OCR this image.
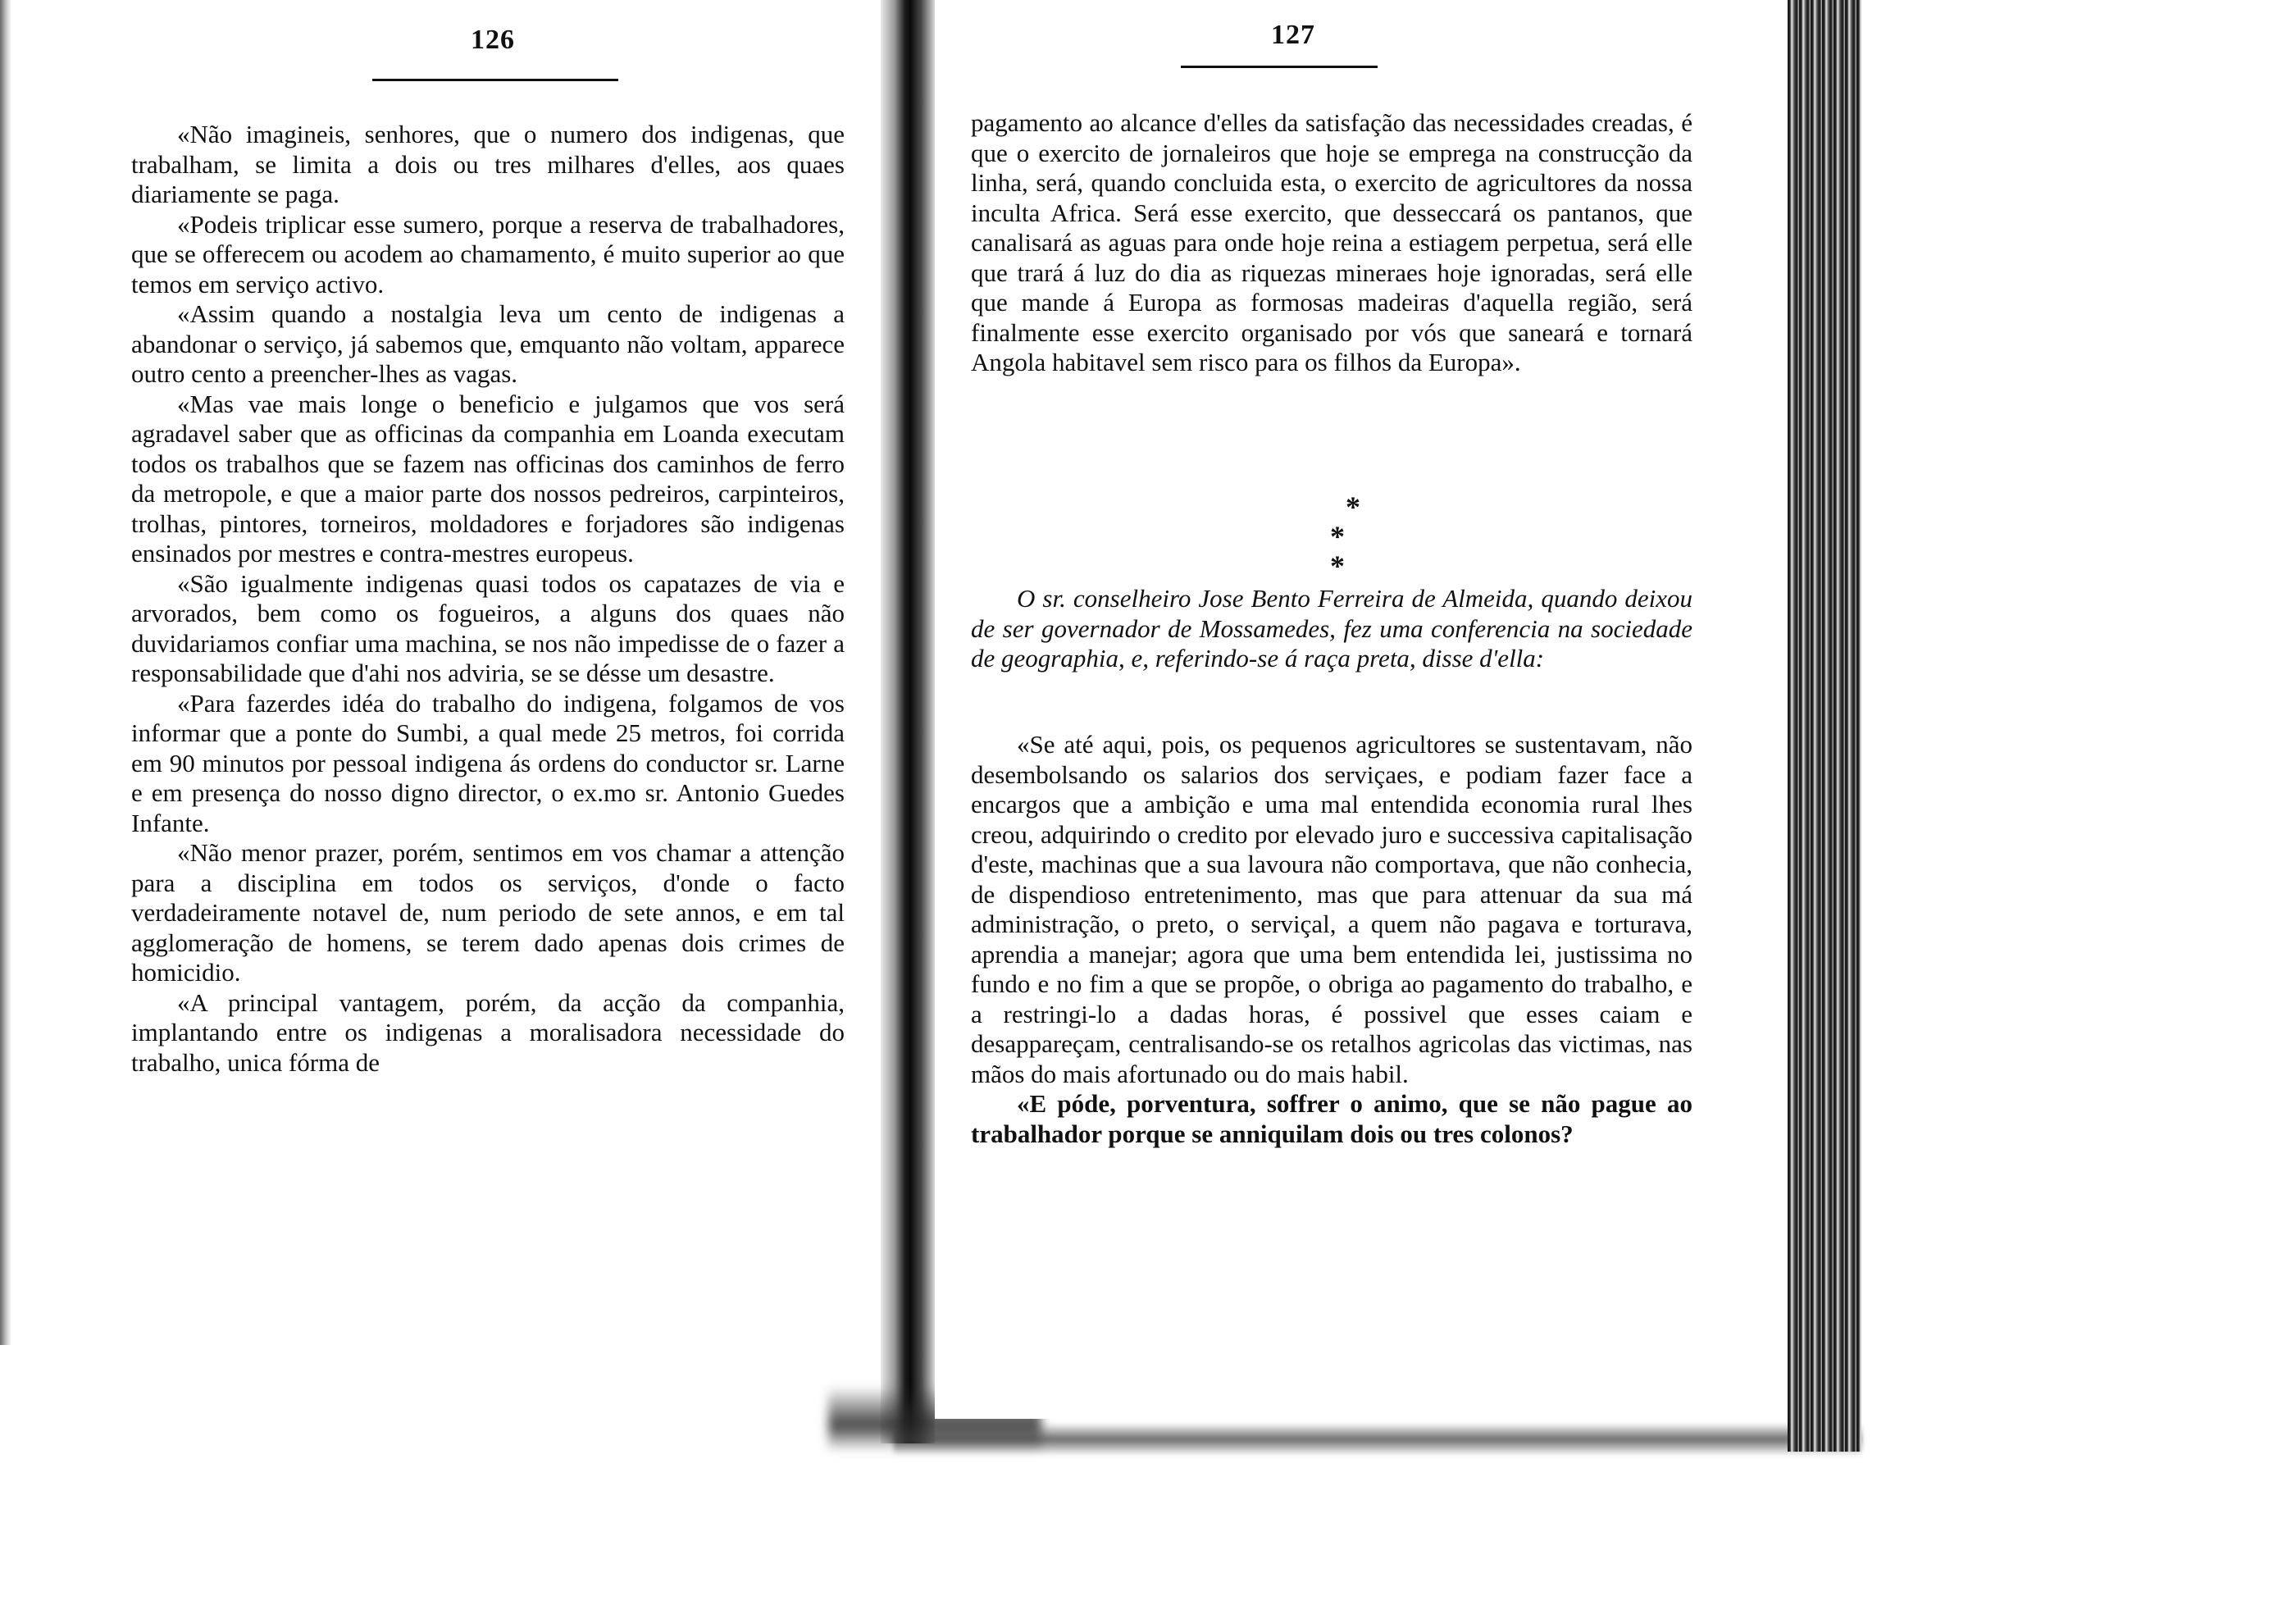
126

«Não imagineis, senhores, que o numero dos indigenas, que trabalham, se limita a dois ou tres milhares d'elles, aos quaes diariamente se paga.

«Podeis triplicar esse sumero, porque a reserva de trabalhadores, que se offerecem ou acodem ao chamamento, é muito superior ao que temos em serviço activo.

«Assim quando a nostalgia leva um cento de indigenas a abandonar o serviço, já sabemos que, emquanto não voltam, apparece outro cento a preencher-lhes as vagas.

«Mas vae mais longe o beneficio e julgamos que vos será agradavel saber que as officinas da companhia em Loanda executam todos os trabalhos que se fazem nas officinas dos caminhos de ferro da metropole, e que a maior parte dos nossos pedreiros, carpinteiros, trolhas, pintores, torneiros, moldadores e forjadores são indigenas ensinados por mestres e contra-mestres europeus.

«São igualmente indigenas quasi todos os capatazes de via e arvorados, bem como os fogueiros, a alguns dos quaes não duvidariamos confiar uma machina, se nos não impedisse de o fazer a responsabilidade que d'ahi nos adviria, se se désse um desastre.

«Para fazerdes idéa do trabalho do indigena, folgamos de vos informar que a ponte do Sumbi, a qual mede 25 metros, foi corrida em 90 minutos por pessoal indigena ás ordens do conductor sr. Larne e em presença do nosso digno director, o ex.mo sr. Antonio Guedes Infante.

«Não menor prazer, porém, sentimos em vos chamar a attenção para a disciplina em todos os serviços, d'onde o facto verdadeiramente notavel de, num periodo de sete annos, e em tal agglomeração de homens, se terem dado apenas dois crimes de homicidio.

«A principal vantagem, porém, da acção da companhia, implantando entre os indigenas a moralisadora necessidade do trabalho, unica fórma de

127

pagamento ao alcance d'elles da satisfação das necessidades creadas, é que o exercito de jornaleiros que hoje se emprega na construcção da linha, será, quando concluida esta, o exercito de agricultores da nossa inculta Africa. Será esse exercito, que desseccará os pantanos, que canalisará as aguas para onde hoje reina a estiagem perpetua, será elle que trará á luz do dia as riquezas mineraes hoje ignoradas, será elle que mande á Europa as formosas madeiras d'aquella região, será finalmente esse exercito organisado por vós que saneará e tornará Angola habitavel sem risco para os filhos da Europa».

*
* *
O sr. conselheiro Jose Bento Ferreira de Almeida, quando deixou de ser governador de Mossamedes, fez uma conferencia na sociedade de geographia, e, referindo-se á raça preta, disse d'ella:

«Se até aqui, pois, os pequenos agricultores se sustentavam, não desembolsando os salarios dos serviçaes, e podiam fazer face a encargos que a ambição e uma mal entendida economia rural lhes creou, adquirindo o credito por elevado juro e successiva capitalisação d'este, machinas que a sua lavoura não comportava, que não conhecia, de dispendioso entretenimento, mas que para attenuar da sua má administração, o preto, o serviçal, a quem não pagava e torturava, aprendia a manejar; agora que uma bem entendida lei, justissima no fundo e no fim a que se propõe, o obriga ao pagamento do trabalho, e a restringi-lo a dadas horas, é possivel que esses caiam e desappareçam, centralisando-se os retalhos agricolas das victimas, nas mãos do mais afortunado ou do mais habil.

«E póde, porventura, soffrer o animo, que se não pague ao trabalhador porque se anniquilam dois ou tres colonos?
